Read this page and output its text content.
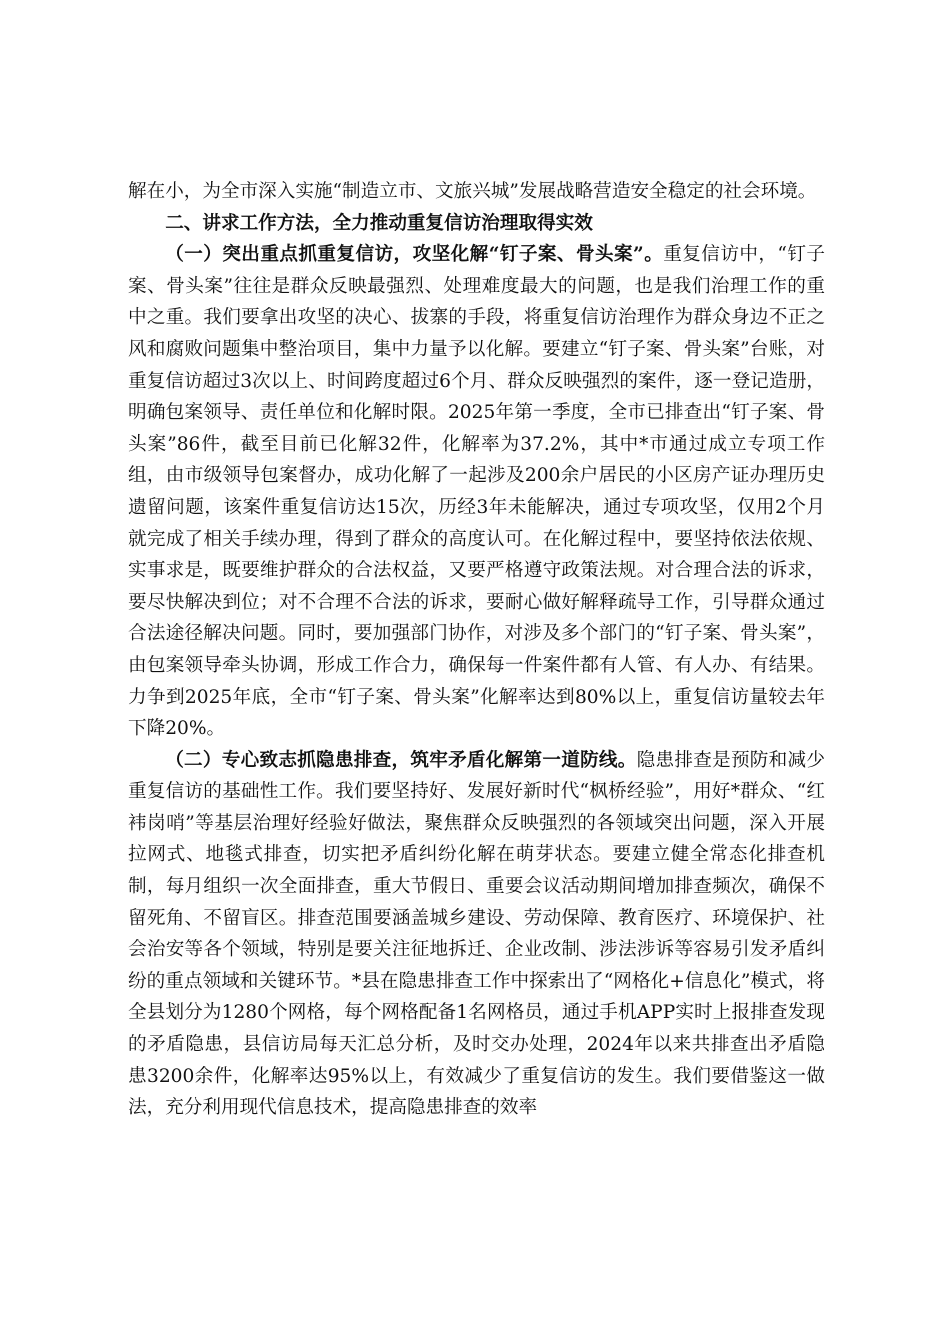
解在小，为全市深入实施“制造立市、文旅兴城”发展战略营造安全稳定的社会环境。

二、讲求工作方法，全力推动重复信访治理取得实效

（一）突出重点抓重复信访，攻坚化解“钉子案、骨头案”。重复信访中，“钉子案、骨头案”往往是群众反映最强烈、处理难度最大的问题，也是我们治理工作的重中之重。我们要拿出攻坚的决心、拔寨的手段，将重复信访治理作为群众身边不正之风和腐败问题集中整治项目，集中力量予以化解。要建立“钉子案、骨头案”台账，对重复信访超过3次以上、时间跨度超过6个月、群众反映强烈的案件，逐一登记造册，明确包案领导、责任单位和化解时限。2025年第一季度，全市已排查出“钉子案、骨头案”86件，截至目前已化解32件，化解率为37.2%，其中*市通过成立专项工作组，由市级领导包案督办，成功化解了一起涉及200余户居民的小区房产证办理历史遗留问题，该案件重复信访达15次，历经3年未能解决，通过专项攻坚，仅用2个月就完成了相关手续办理，得到了群众的高度认可。在化解过程中，要坚持依法依规、实事求是，既要维护群众的合法权益，又要严格遵守政策法规。对合理合法的诉求，要尽快解决到位；对不合理不合法的诉求，要耐心做好解释疏导工作，引导群众通过合法途径解决问题。同时，要加强部门协作，对涉及多个部门的“钉子案、骨头案”，由包案领导牵头协调，形成工作合力，确保每一件案件都有人管、有人办、有结果。力争到2025年底，全市“钉子案、骨头案”化解率达到80%以上，重复信访量较去年下降20%。

（二）专心致志抓隐患排查，筑牢矛盾化解第一道防线。隐患排查是预防和减少重复信访的基础性工作。我们要坚持好、发展好新时代“枫桥经验”，用好*群众、“红袆岗哨”等基层治理好经验好做法，聚焦群众反映强烈的各领域突出问题，深入开展拉网式、地毯式排查，切实把矛盾纠纷化解在萌芽状态。要建立健全常态化排查机制，每月组织一次全面排查，重大节假日、重要会议活动期间增加排查频次，确保不留死角、不留盲区。排查范围要涵盖城乡建设、劳动保障、教育医疗、环境保护、社会治安等各个领域，特别是要关注征地拆迁、企业改制、涉法涉诉等容易引发矛盾纠纷的重点领域和关键环节。*县在隐患排查工作中探索出了“网格化+信息化”模式，将全县划分为1280个网格，每个网格配备1名网格员，通过手机APP实时上报排查发现的矛盾隐患，县信访局每天汇总分析，及时交办处理，2024年以来共排查出矛盾隐患3200余件，化解率达95%以上，有效减少了重复信访的发生。我们要借鉴这一做法，充分利用现代信息技术，提高隐患排查的效率
